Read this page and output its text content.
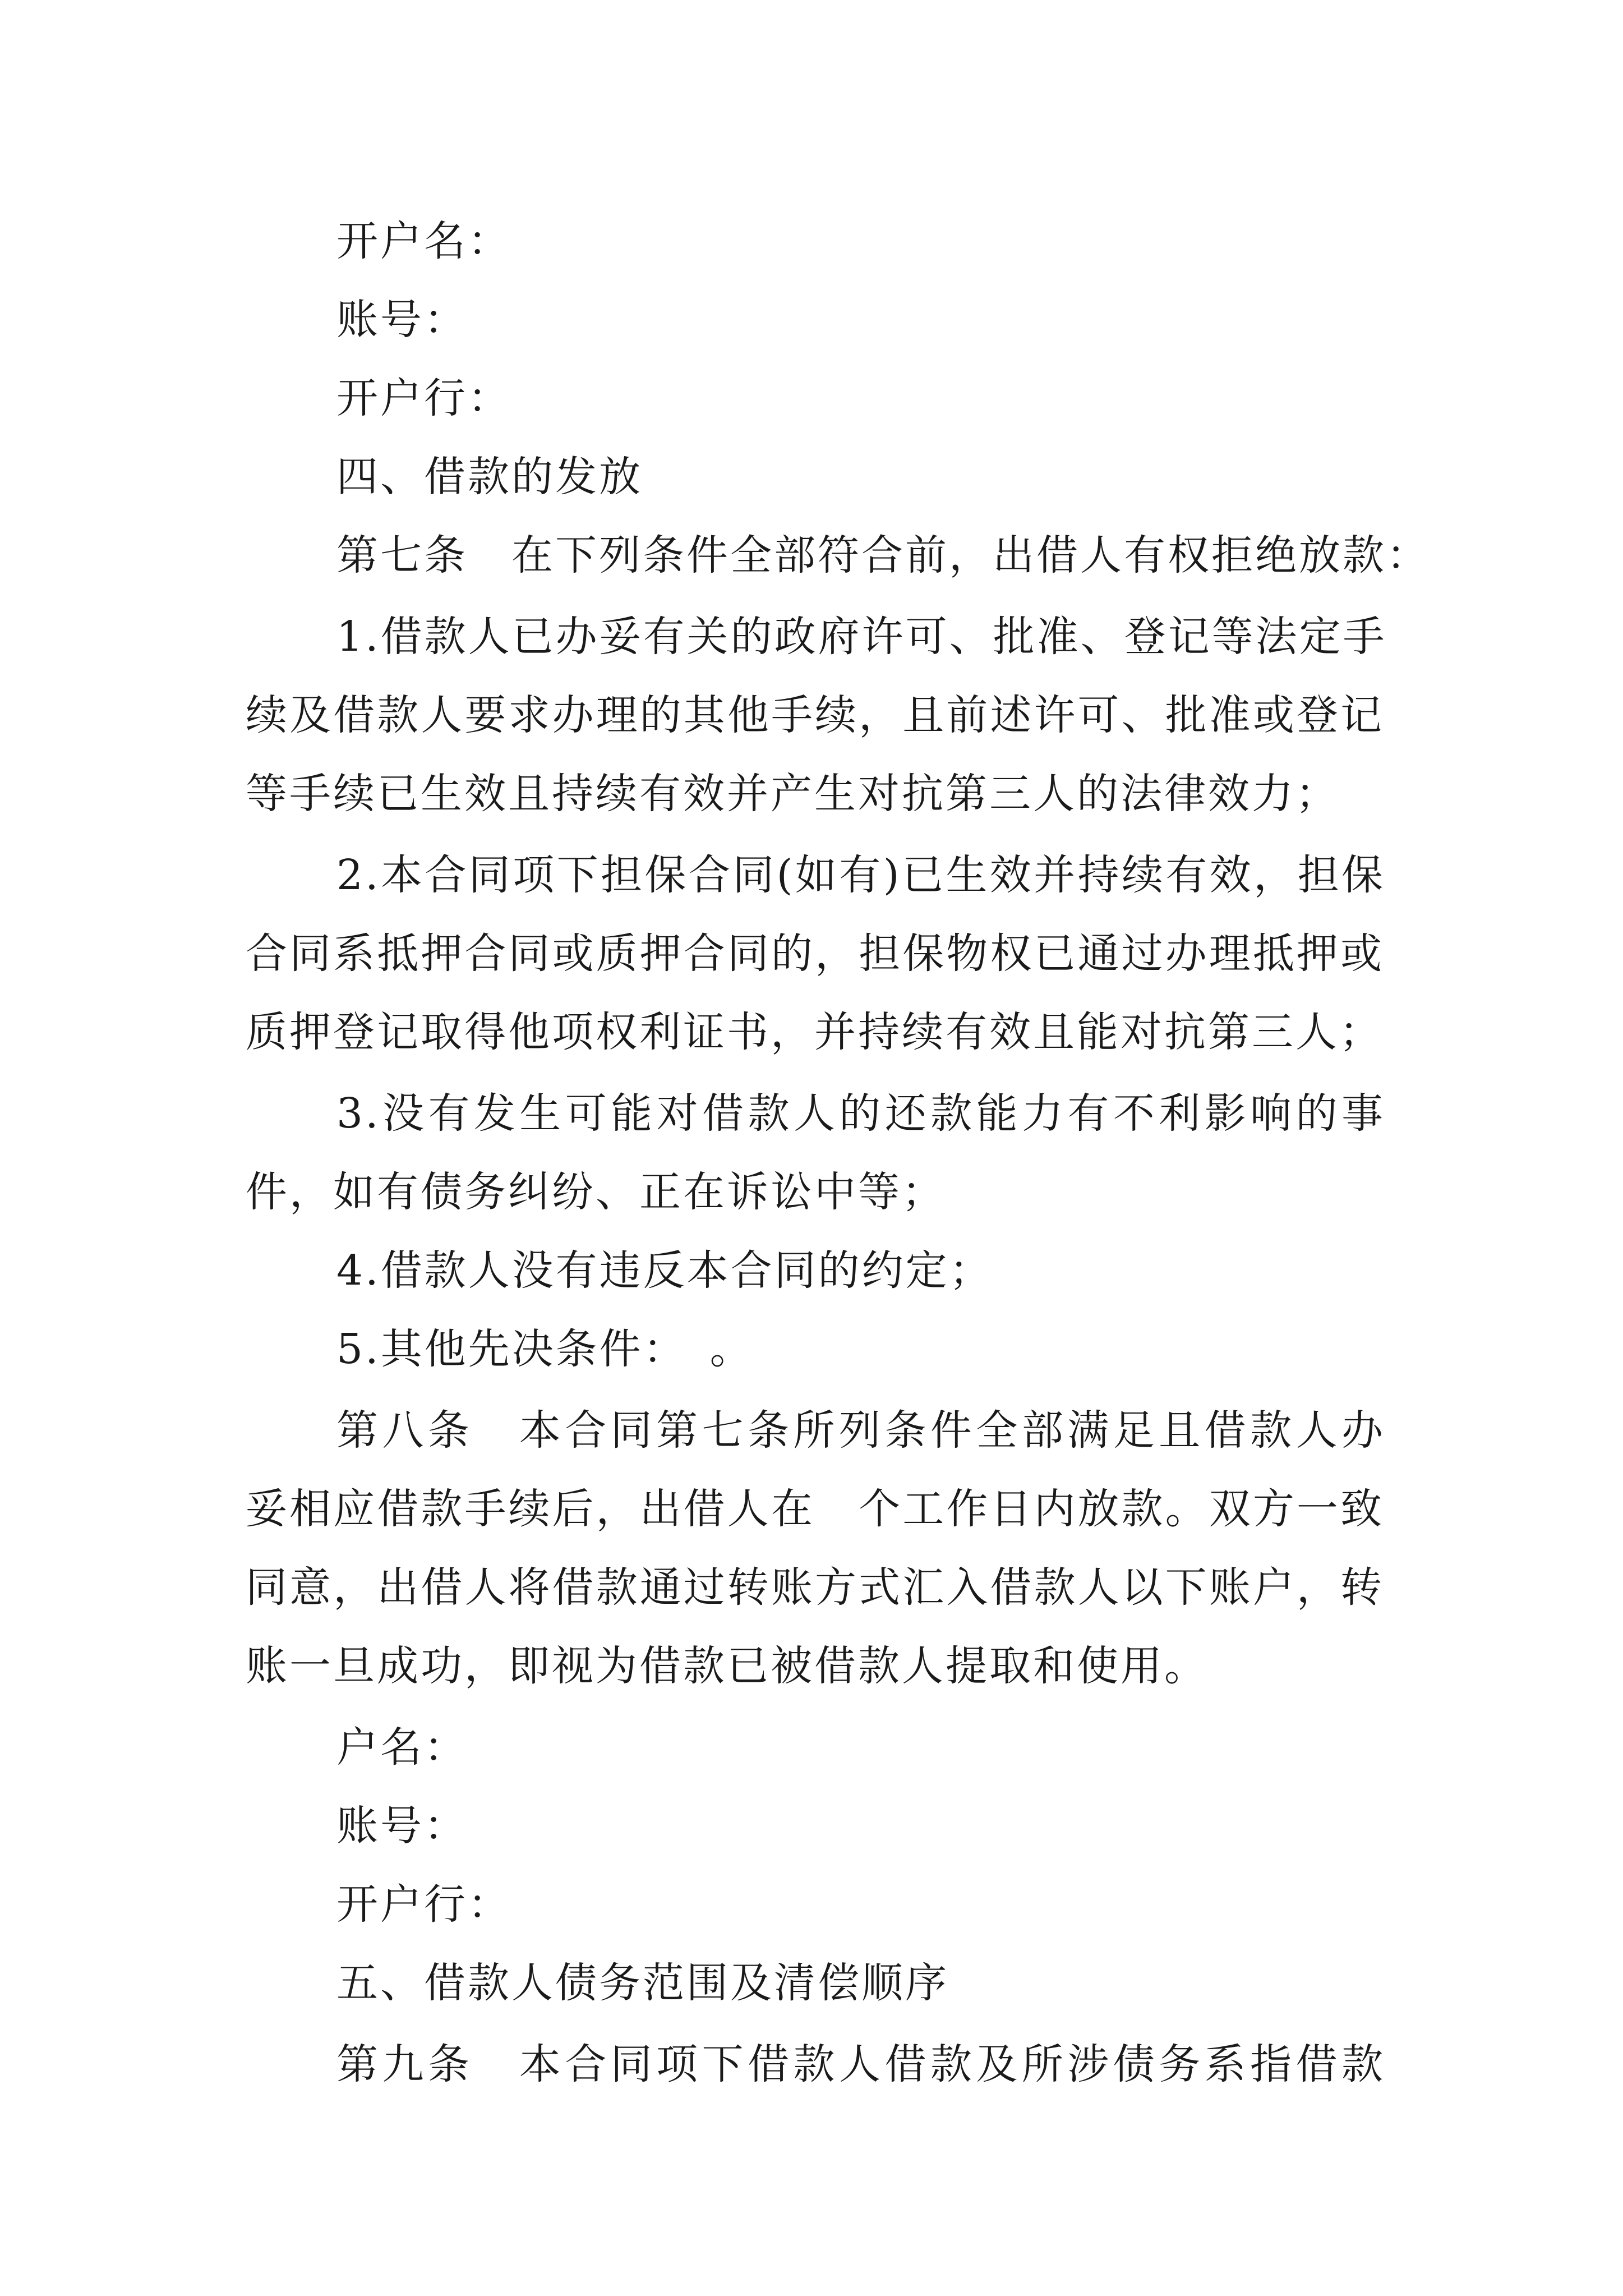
开户名：
账号：
开户行：
四、借款的发放
第七条　在下列条件全部符合前，出借人有权拒绝放款：
1.借款人已办妥有关的政府许可、批准、登记等法定手
续及借款人要求办理的其他手续，且前述许可、批准或登记
等手续已生效且持续有效并产生对抗第三人的法律效力；
2.本合同项下担保合同(如有)已生效并持续有效，担保
合同系抵押合同或质押合同的，担保物权已通过办理抵押或
质押登记取得他项权利证书，并持续有效且能对抗第三人；
3.没有发生可能对借款人的还款能力有不利影响的事
件，如有债务纠纷、正在诉讼中等；
4.借款人没有违反本合同的约定；
5.其他先决条件：　。
第八条　本合同第七条所列条件全部满足且借款人办
妥相应借款手续后，出借人在　个工作日内放款。双方一致
同意，出借人将借款通过转账方式汇入借款人以下账户，转
账一旦成功，即视为借款已被借款人提取和使用。
户名：
账号：
开户行：
五、借款人债务范围及清偿顺序
第九条　本合同项下借款人借款及所涉债务系指借款
